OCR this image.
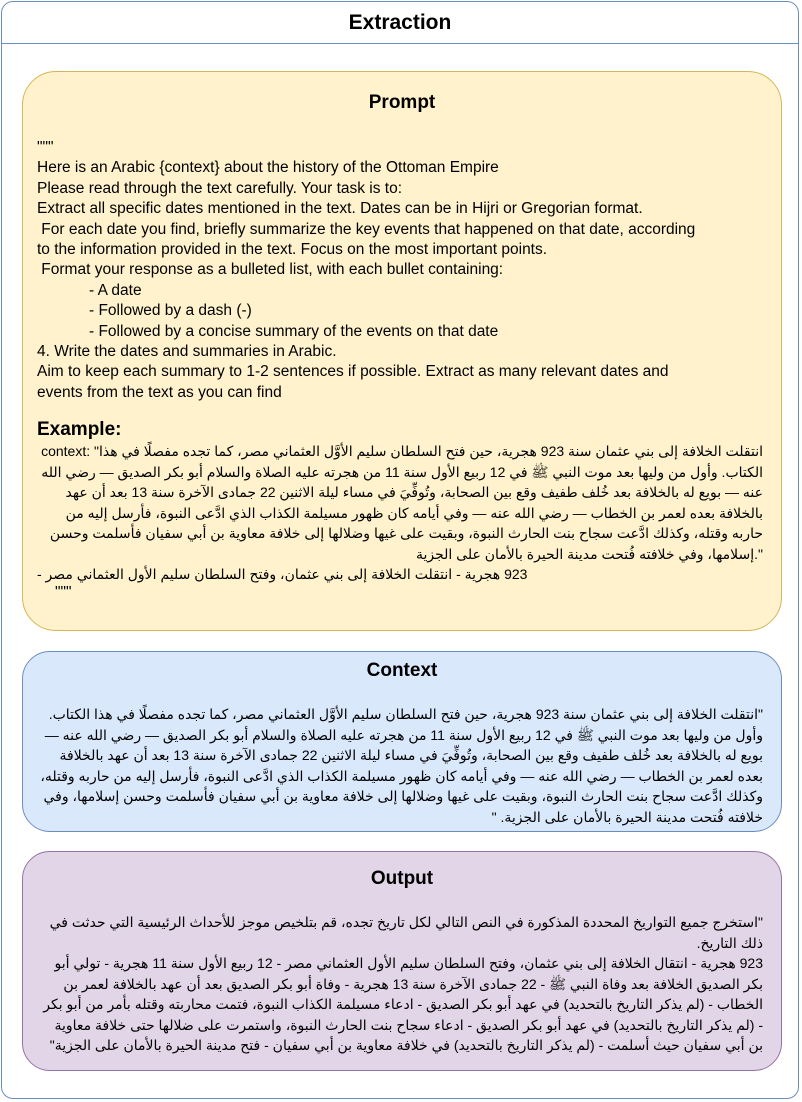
Extraction
Prompt
"""
Here is an Arabic {context} about the history of the Ottoman Empire
Please read through the text carefully. Your task is to:
Extract all specific dates mentioned in the text. Dates can be in Hijri or Gregorian format.
For each date you find, briefly summarize the key events that happened on that date, according
to the information provided in the text. Focus on the most important points.
Format your response as a bulleted list, with each bullet containing:
- A date
- Followed by a dash (-)
- Followed by a concise summary of the events on that date
4. Write the dates and summaries in Arabic.
Aim to keep each summary to 1-2 sentences if possible. Extract as many relevant dates and
events from the text as you can find
Example:
context: "انتقلت الخلافة إلى بني عثمان سنة 923 هجرية، حين فتح السلطان سليم الأوَّل العثماني مصر، كما تجده مفصلًا في هذا الكتاب. وأول من وليها بعد موت النبي ﷺ في 12 ربيع الأول سنة 11 من هجرته عليه الصلاة والسلام أبو بكر الصديق — رضي الله عنه — بويع له بالخلافة بعد خُلف طفيف وقع بين الصحابة، وتُوفِّيَ في مساء ليلة الاثنين 22 جمادى الآخرة سنة 13 بعد أن عهد بالخلافة بعده لعمر بن الخطاب — رضي الله عنه — وفي أيامه كان ظهور مسيلمة الكذاب الذي ادَّعى النبوة، فأرسل إليه من حاربه وقتله، وكذلك ادَّعت سجاح بنت الحارث النبوة، وبقيت على غيها وضلالها إلى خلافة معاوية بن أبي سفيان فأسلمت وحسن إسلامها، وفي خلافته فُتحت مدينة الحيرة بالأمان على الجزية."
923 هجرية - انتقلت الخلافة إلى بني عثمان، وفتح السلطان سليم الأول العثماني مصر -
"""
Context
"انتقلت الخلافة إلى بني عثمان سنة 923 هجرية، حين فتح السلطان سليم الأوَّل العثماني مصر، كما تجده مفصلًا في هذا الكتاب. وأول من وليها بعد موت النبي ﷺ في 12 ربيع الأول سنة 11 من هجرته عليه الصلاة والسلام أبو بكر الصديق — رضي الله عنه — بويع له بالخلافة بعد خُلف طفيف وقع بين الصحابة، وتُوفِّيَ في مساء ليلة الاثنين 22 جمادى الآخرة سنة 13 بعد أن عهد بالخلافة بعده لعمر بن الخطاب — رضي الله عنه — وفي أيامه كان ظهور مسيلمة الكذاب الذي ادَّعى النبوة، فأرسل إليه من حاربه وقتله، وكذلك ادَّعت سجاح بنت الحارث النبوة، وبقيت على غيها وضلالها إلى خلافة معاوية بن أبي سفيان فأسلمت وحسن إسلامها، وفي خلافته فُتحت مدينة الحيرة بالأمان على الجزية. "
Output
"استخرج جميع التواريخ المحددة المذكورة في النص التالي لكل تاريخ تجده، قم بتلخيص موجز للأحداث الرئيسية التي حدثت في ذلك التاريخ.
923 هجرية - انتقال الخلافة إلى بني عثمان، وفتح السلطان سليم الأول العثماني مصر - 12 ربيع الأول سنة 11 هجرية - تولي أبو بكر الصديق الخلافة بعد وفاة النبي ﷺ - 22 جمادى الآخرة سنة 13 هجرية - وفاة أبو بكر الصديق بعد أن عهد بالخلافة لعمر بن الخطاب - (لم يذكر التاريخ بالتحديد) في عهد أبو بكر الصديق - ادعاء مسيلمة الكذاب النبوة، فتمت محاربته وقتله بأمر من أبو بكر - (لم يذكر التاريخ بالتحديد) في عهد أبو بكر الصديق - ادعاء سجاح بنت الحارث النبوة، واستمرت على ضلالها حتى خلافة معاوية بن أبي سفيان حيث أسلمت - (لم يذكر التاريخ بالتحديد) في خلافة معاوية بن أبي سفيان - فتح مدينة الحيرة بالأمان على الجزية"
